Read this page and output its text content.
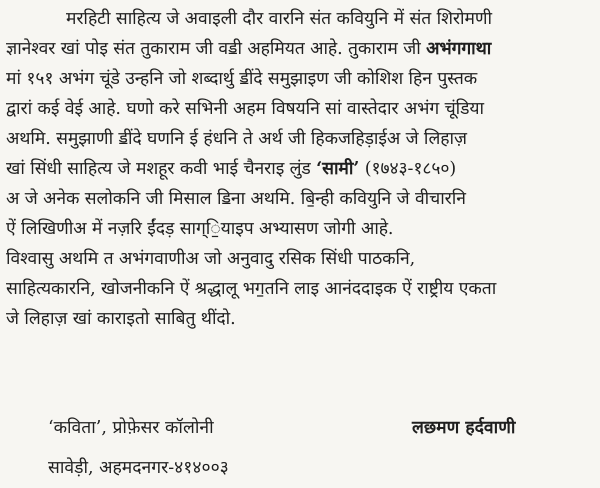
मरहिटी साहित्य जे अवाइली दौर वारनि संत कवियुनि में संत शिरोमणी
ज्ञानेश्वर खां पोइ संत तुकाराम जी वॾी अहमियत आहे. तुकाराम जी अभंगगाथा
मां १५१ अभंग चूंडे उन्हनि जो शब्दार्थु ॾींदे समुझाइण जी कोशिश हिन पुस्तक
द्वारां कई वेई आहे. घणो करे सभिनी अहम विषयनि सां वास्तेदार अभंग चूंडिया
अथमि. समुझाणी ॾींदे घणनि ई हंधनि ते अर्थ जी हिकजहिड़ाईअ जे लिहाज़
खां सिंधी साहित्य जे मशहूर कवी भाई चैनराइ लुंड ‘सामी’ (१७४३-१८५०)
अ जे अनेक सलोकनि जी मिसाल ॾिना अथमि. बि॒न्ही कवियुनि जे वीचारनि
ऐं लिखिणीअ में नज़रि ईंदड़ साग्ि॒याइप अभ्यासण जोगी आहे.
विश्वासु अथमि त अभंगवाणीअ जो अनुवादु रसिक सिंधी पाठकनि,
साहित्यकारनि, खोजनीकनि ऐं श्रद्धालू भग॒तनि लाइ आनंददाइक ऐं राष्ट्रीय एकता
जे लिहाज़ खां काराइतो साबितु थींदो.
‘कविता’, प्रोफ़ेसर कॉलोनी
सावेड़ी, अहमदनगर-४१४००३
लछमण हर्दवाणी
